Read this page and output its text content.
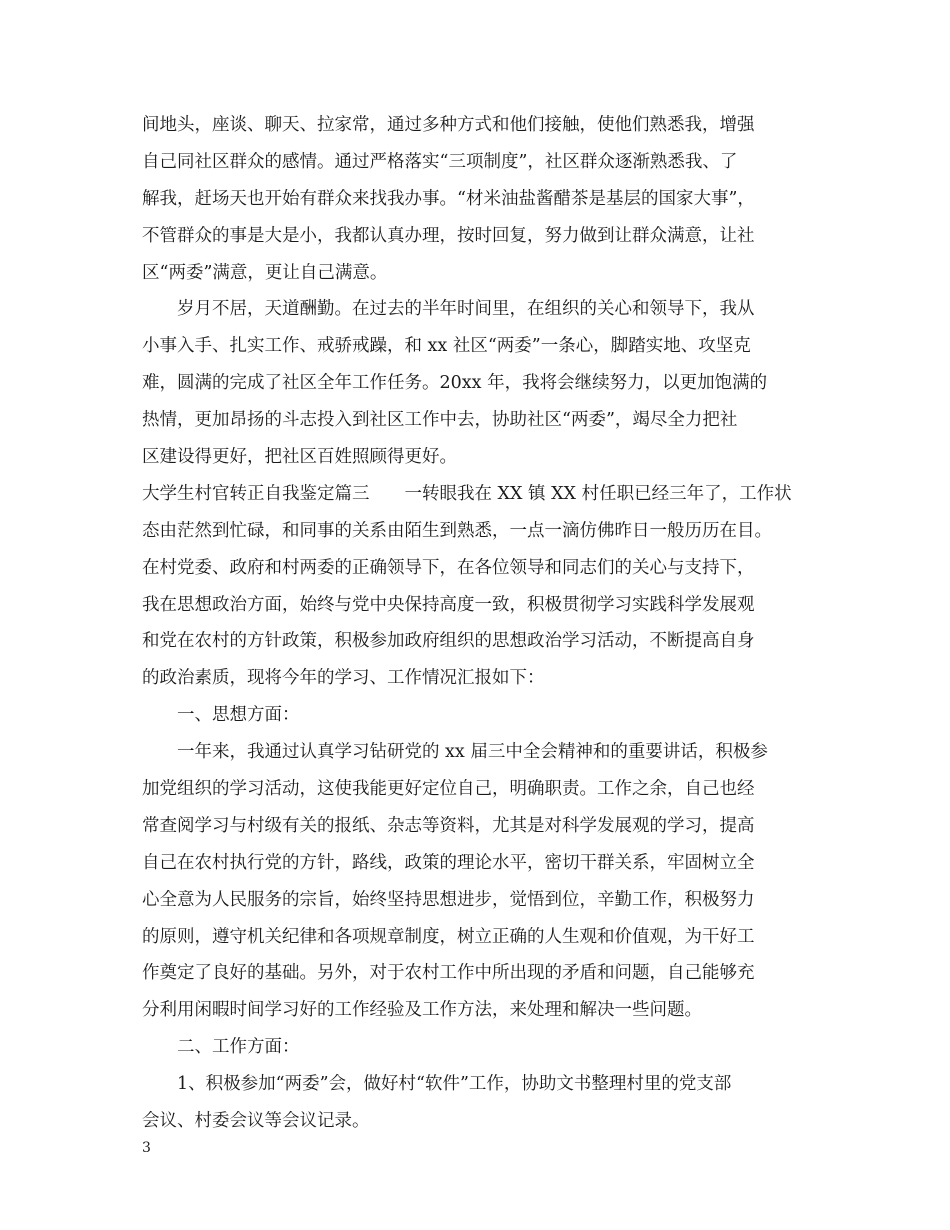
间地头，座谈、聊天、拉家常，通过多种方式和他们接触，使他们熟悉我，增强
自己同社区群众的感情。通过严格落实“三项制度”，社区群众逐渐熟悉我、了
解我，赶场天也开始有群众来找我办事。“材米油盐酱醋茶是基层的国家大事”，
不管群众的事是大是小，我都认真办理，按时回复，努力做到让群众满意，让社
区“两委”满意，更让自己满意。
　　岁月不居，天道酬勤。在过去的半年时间里，在组织的关心和领导下，我从
小事入手、扎实工作、戒骄戒躁，和 xx 社区“两委”一条心，脚踏实地、攻坚克
难，圆满的完成了社区全年工作任务。20xx 年，我将会继续努力，以更加饱满的
热情，更加昂扬的斗志投入到社区工作中去，协助社区“两委”，竭尽全力把社
区建设得更好，把社区百姓照顾得更好。
大学生村官转正自我鉴定篇三　　一转眼我在 XX 镇 XX 村任职已经三年了，工作状
态由茫然到忙碌，和同事的关系由陌生到熟悉，一点一滴仿佛昨日一般历历在目。
在村党委、政府和村两委的正确领导下，在各位领导和同志们的关心与支持下，
我在思想政治方面，始终与党中央保持高度一致，积极贯彻学习实践科学发展观
和党在农村的方针政策，积极参加政府组织的思想政治学习活动，不断提高自身
的政治素质，现将今年的学习、工作情况汇报如下：
　　一、思想方面：
　　一年来，我通过认真学习钻研党的 xx 届三中全会精神和的重要讲话，积极参
加党组织的学习活动，这使我能更好定位自己，明确职责。工作之余，自己也经
常查阅学习与村级有关的报纸、杂志等资料，尤其是对科学发展观的学习，提高
自己在农村执行党的方针，路线，政策的理论水平，密切干群关系，牢固树立全
心全意为人民服务的宗旨，始终坚持思想进步，觉悟到位，辛勤工作，积极努力
的原则，遵守机关纪律和各项规章制度，树立正确的人生观和价值观，为干好工
作奠定了良好的基础。另外，对于农村工作中所出现的矛盾和问题，自己能够充
分利用闲暇时间学习好的工作经验及工作方法，来处理和解决一些问题。
　　二、工作方面：
　　1、积极参加“两委”会，做好村“软件”工作，协助文书整理村里的党支部
会议、村委会议等会议记录。
3
